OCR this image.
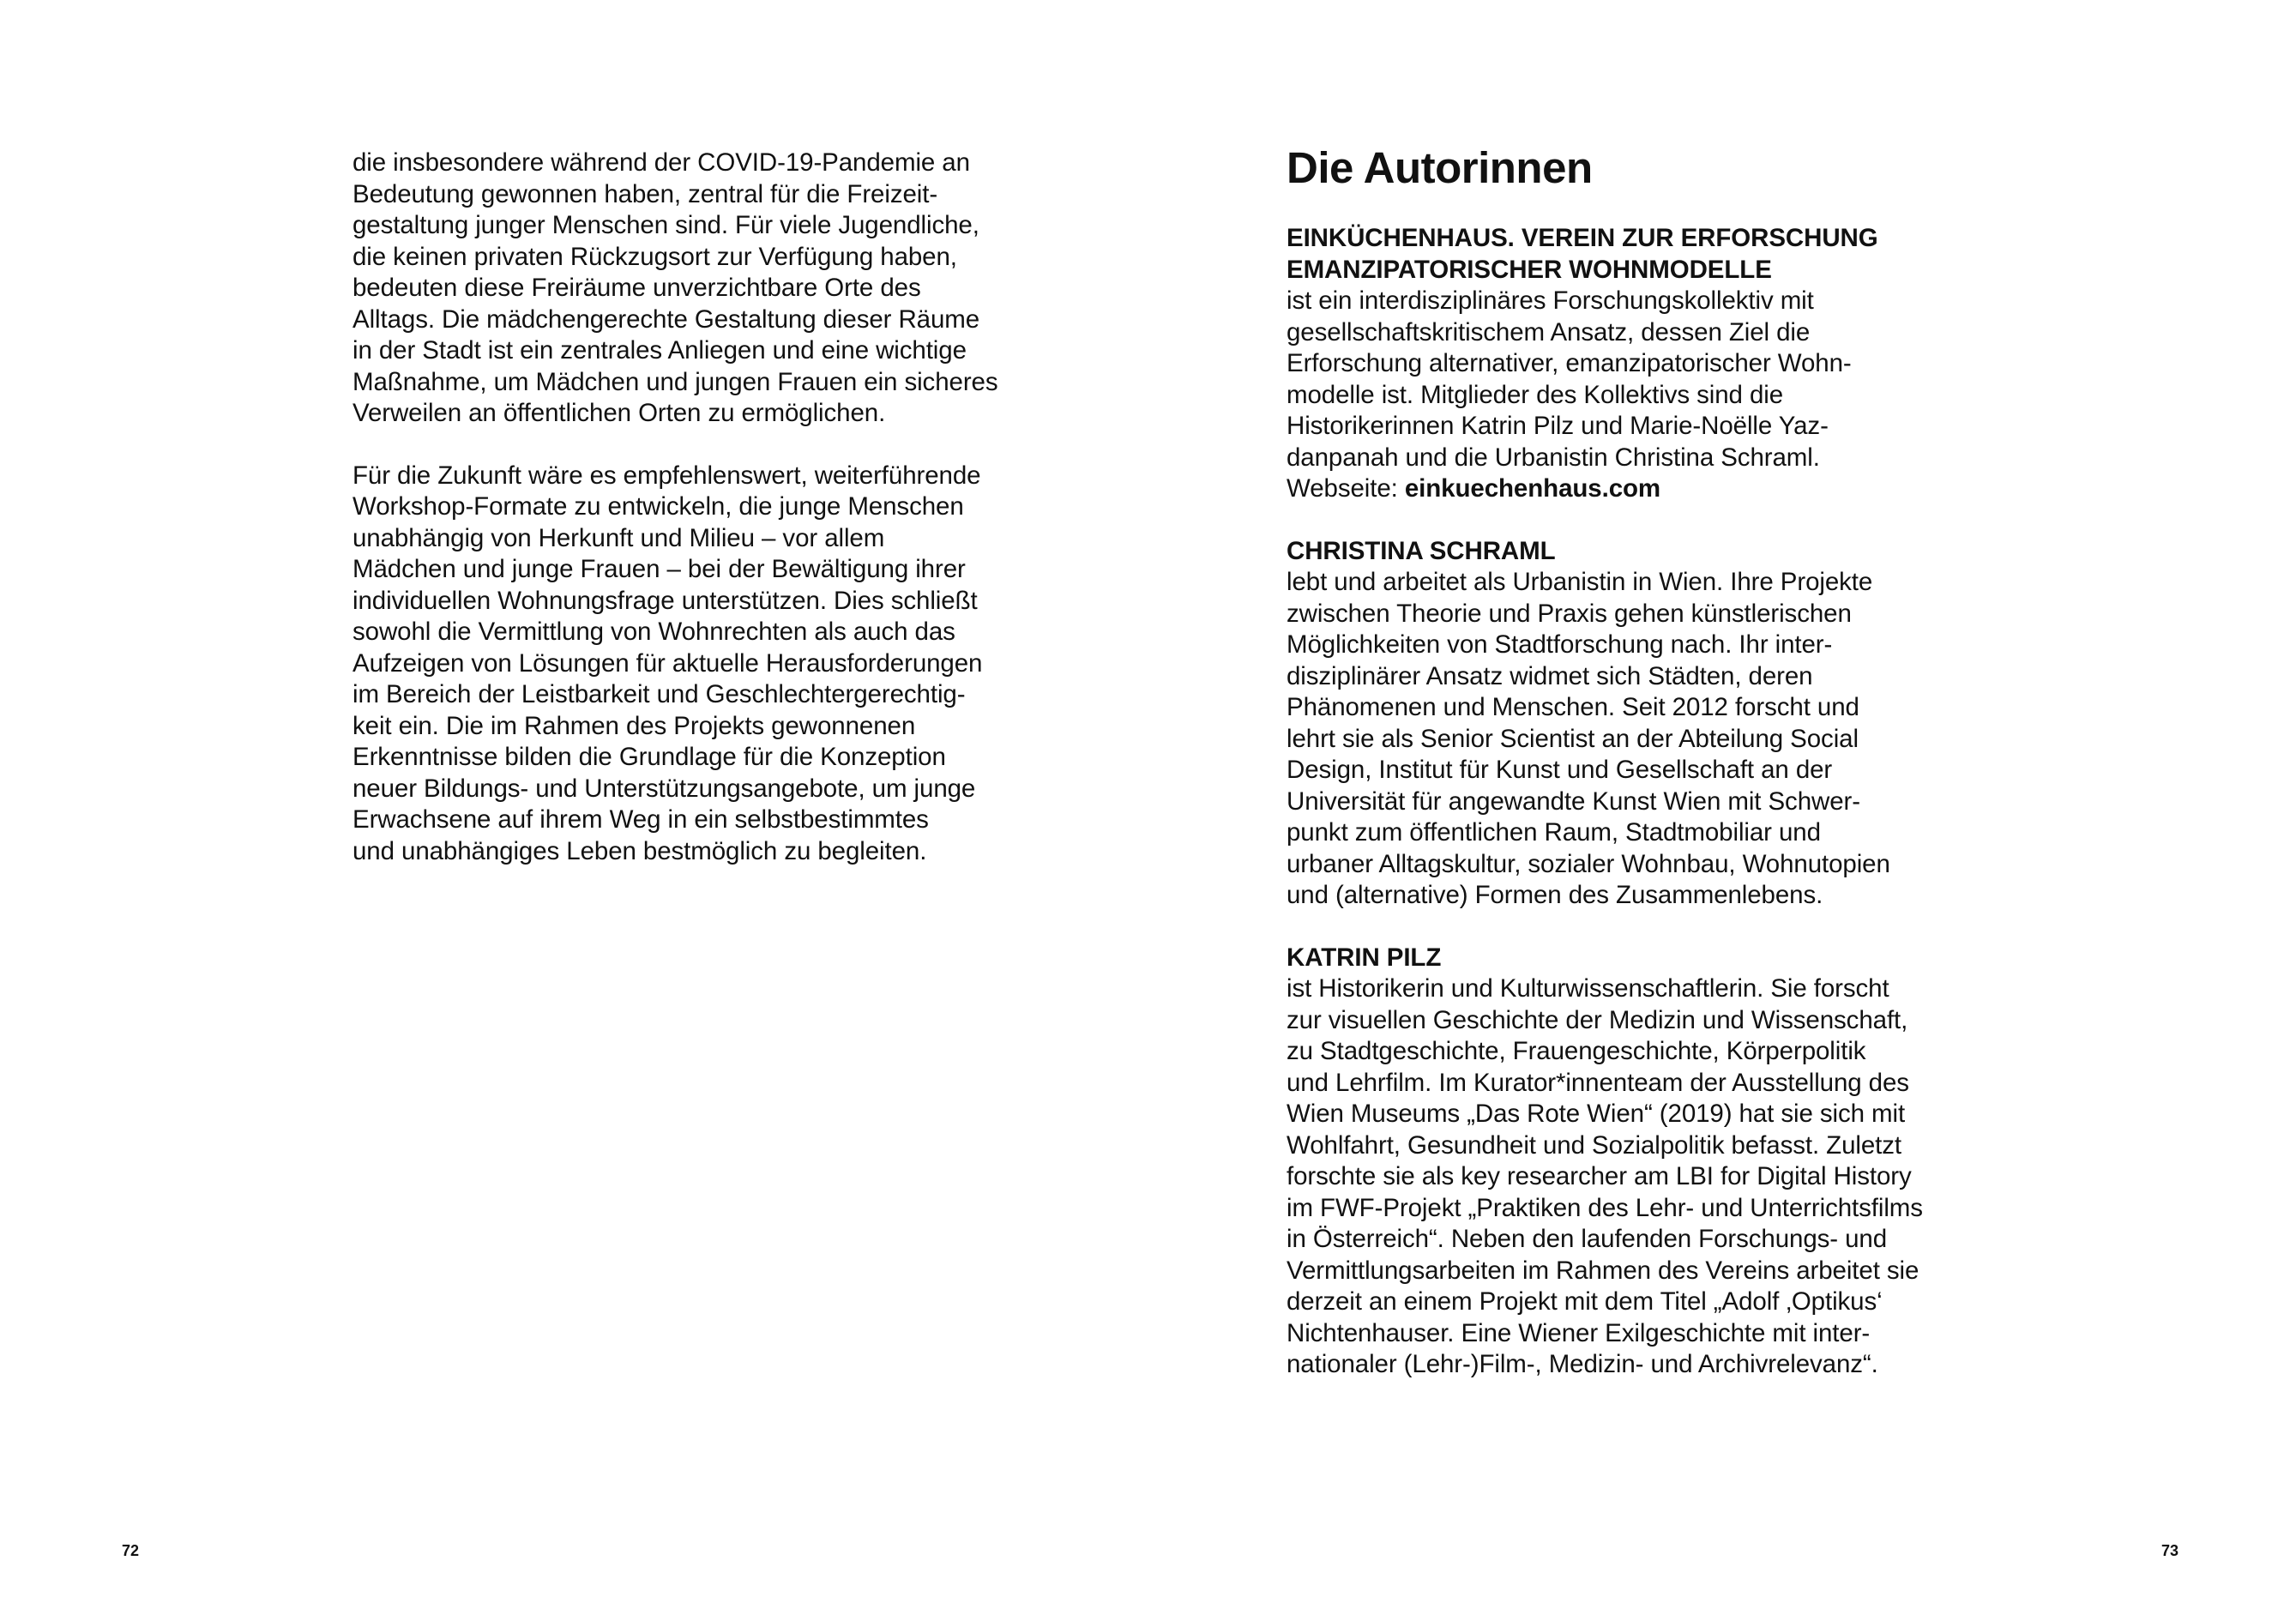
die insbesondere während der COVID-19-Pandemie an
Bedeutung gewonnen haben, zentral für die Freizeit-
gestaltung junger Menschen sind. Für viele Jugendliche,
die keinen privaten Rückzugsort zur Verfügung haben,
bedeuten diese Freiräume unverzichtbare Orte des
Alltags. Die mädchengerechte Gestaltung dieser Räume
in der Stadt ist ein zentrales Anliegen und eine wichtige
Maßnahme, um Mädchen und jungen Frauen ein sicheres
Verweilen an öffentlichen Orten zu ermöglichen.
Für die Zukunft wäre es empfehlenswert, weiterführende
Workshop-Formate zu entwickeln, die junge Menschen
unabhängig von Herkunft und Milieu – vor allem
Mädchen und junge Frauen – bei der Bewältigung ihrer
individuellen Wohnungsfrage unterstützen. Dies schließt
sowohl die Vermittlung von Wohnrechten als auch das
Aufzeigen von Lösungen für aktuelle Herausforderungen
im Bereich der Leistbarkeit und Geschlechtergerechtig-
keit ein. Die im Rahmen des Projekts gewonnenen
Erkenntnisse bilden die Grundlage für die Konzeption
neuer Bildungs- und Unterstützungsangebote, um junge
Erwachsene auf ihrem Weg in ein selbstbestimmtes
und unabhängiges Leben bestmöglich zu begleiten.
72
Die Autorinnen
EINKÜCHENHAUS. VEREIN ZUR ERFORSCHUNG
EMANZIPATORISCHER WOHNMODELLE
ist ein interdisziplinäres Forschungskollektiv mit
gesellschaftskritischem Ansatz, dessen Ziel die
Erforschung alternativer, emanzipatorischer Wohn-
modelle ist. Mitglieder des Kollektivs sind die
Historikerinnen Katrin Pilz und Marie-Noëlle Yaz-
danpanah und die Urbanistin Christina Schraml.
Webseite: einkuechenhaus.com
CHRISTINA SCHRAML
lebt und arbeitet als Urbanistin in Wien. Ihre Projekte
zwischen Theorie und Praxis gehen künstlerischen
Möglichkeiten von Stadtforschung nach. Ihr inter-
disziplinärer Ansatz widmet sich Städten, deren
Phänomenen und Menschen. Seit 2012 forscht und
lehrt sie als Senior Scientist an der Abteilung Social
Design, Institut für Kunst und Gesellschaft an der
Universität für angewandte Kunst Wien mit Schwer-
punkt zum öffentlichen Raum, Stadtmobiliar und
urbaner Alltagskultur, sozialer Wohnbau, Wohnutopien
und (alternative) Formen des Zusammenlebens.
KATRIN PILZ
ist Historikerin und Kulturwissenschaftlerin. Sie forscht
zur visuellen Geschichte der Medizin und Wissenschaft,
zu Stadtgeschichte, Frauengeschichte, Körperpolitik
und Lehrfilm. Im Kurator*innenteam der Ausstellung des
Wien Museums „Das Rote Wien“ (2019) hat sie sich mit
Wohlfahrt, Gesundheit und Sozialpolitik befasst. Zuletzt
forschte sie als key researcher am LBI for Digital History
im FWF-Projekt „Praktiken des Lehr- und Unterrichtsfilms
in Österreich“. Neben den laufenden Forschungs- und
Vermittlungsarbeiten im Rahmen des Vereins arbeitet sie
derzeit an einem Projekt mit dem Titel „Adolf ‚Optikus‘
Nichtenhauser. Eine Wiener Exilgeschichte mit inter-
nationaler (Lehr-)Film-, Medizin- und Archivrelevanz“.
73
